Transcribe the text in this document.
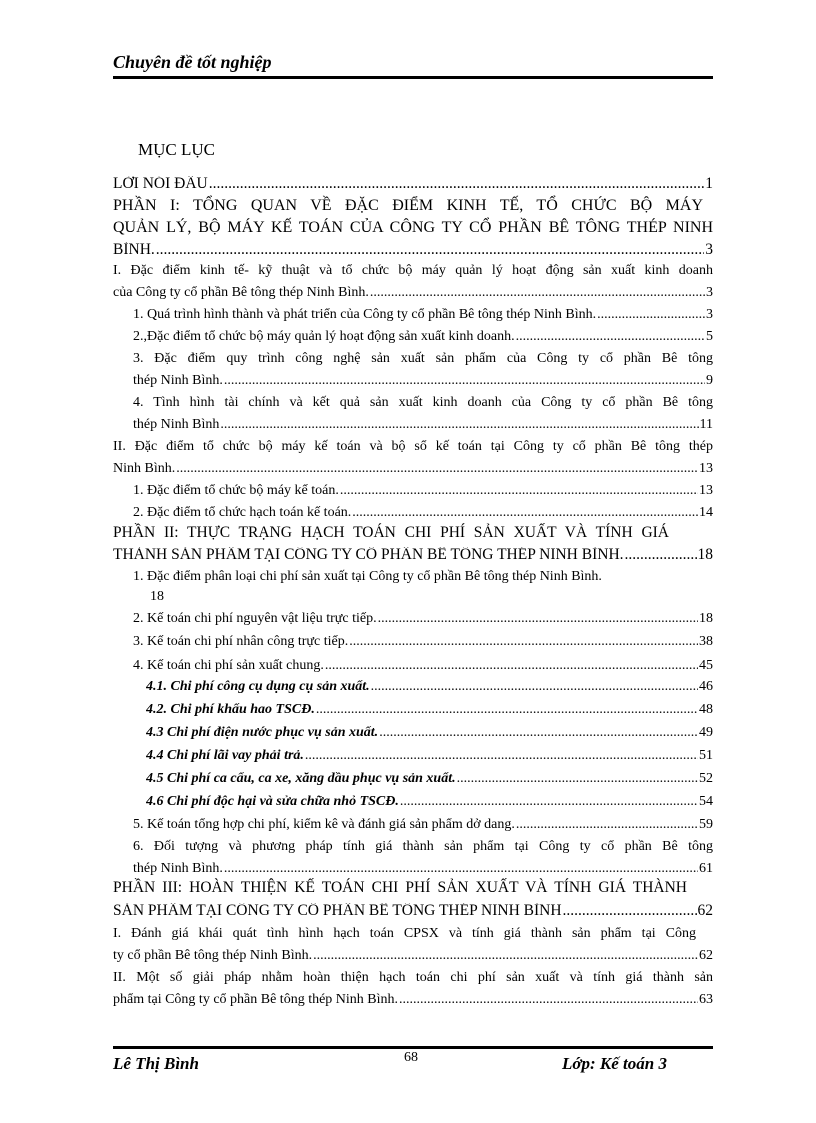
Chuyên đề tốt nghiệp
MỤC LỤC
LỜI NÓI ĐẦU .....	1
PHẦN I: TỔNG QUAN VỀ ĐẶC ĐIỂM KINH TẾ, TỔ CHỨC BỘ MÁY
QUẢN LÝ, BỘ MÁY KẾ TOÁN CỦA CÔNG TY CỔ PHẦN BÊ TÔNG THÉP NINH
BÌNH. .....	3
I. Đặc điểm kinh tế- kỹ thuật và tổ chức bộ máy quản lý hoạt động sản xuất kinh doanh
của Công ty cổ phần Bê tông thép Ninh Bình. .....	3
1. Quá trình hình thành và phát triển của Công ty cổ phần Bê tông thép Ninh Bình. .....	3
2.,Đặc điểm tổ chức bộ máy quản lý hoạt động sản xuất kinh doanh. .....	5
3. Đặc điểm quy trình công nghệ sản xuất sản phẩm của Công ty cổ phần Bê tông
thép Ninh Bình. .....	9
4. Tình hình tài chính và kết quả sản xuất kinh doanh của Công ty cổ phần Bê tông
thép Ninh Bình .....	11
II. Đặc điểm tổ chức bộ máy kế toán và bộ sổ kế toán tại Công ty cổ phần Bê tông thép
Ninh Bình. .....	13
1. Đặc điểm tổ chức bộ máy kế toán. .....	13
2. Đặc điểm tổ chức hạch toán kế toán. .....	14
PHẦN II: THỰC TRẠNG HẠCH TOÁN CHI PHÍ SẢN XUẤT VÀ TÍNH GIÁ
THÀNH SẢN PHẨM TẠI CÔNG TY CỔ PHẦN BÊ TÔNG THÉP NINH BÌNH. .....	18
1. Đặc điểm phân loại chi phí sản xuất tại Công ty cổ phần Bê tông thép Ninh Bình.
18
2. Kế toán chi phí nguyên vật liệu trực tiếp. .....	18
3. Kế toán chi phí nhân công trực tiếp. .....	38
4. Kế toán chi phí sản xuất chung. .....	45
4.1. Chi phí công cụ dụng cụ sản xuất. .....	46
4.2. Chi phí khấu hao TSCĐ. .....	48
4.3 Chi phí điện nước phục vụ sản xuất. .....	49
4.4 Chi phí lãi vay phải trả. .....	51
4.5 Chi phí ca cẩu, ca xe, xăng dầu phục vụ sản xuất. .....	52
4.6 Chi phí độc hại và sửa chữa nhỏ TSCĐ. .....	54
5. Kế toán tổng hợp chi phí, kiểm kê và đánh giá sản phẩm dở dang. .....	59
6. Đối tượng và phương pháp tính giá thành sản phẩm tại Công ty cổ phần Bê tông
thép Ninh Bình. .....	61
PHẦN III: HOÀN THIỆN KẾ TOÁN CHI PHÍ SẢN XUẤT VÀ TÍNH GIÁ THÀNH
SẢN PHẨM TẠI CÔNG TY CỔ PHẦN BÊ TÔNG THÉP NINH BÌNH .....	62
I. Đánh giá khái quát tình hình hạch toán CPSX và tính giá thành sản phẩm tại Công
ty cổ phần Bê tông thép Ninh Bình. .....	62
II. Một số giải pháp nhằm hoàn thiện hạch toán chi phí sản xuất và tính giá thành sản
phẩm tại Công ty cổ phần Bê tông thép Ninh Bình. .....	63
Lê Thị Bình	68	Lớp: Kế toán 3
